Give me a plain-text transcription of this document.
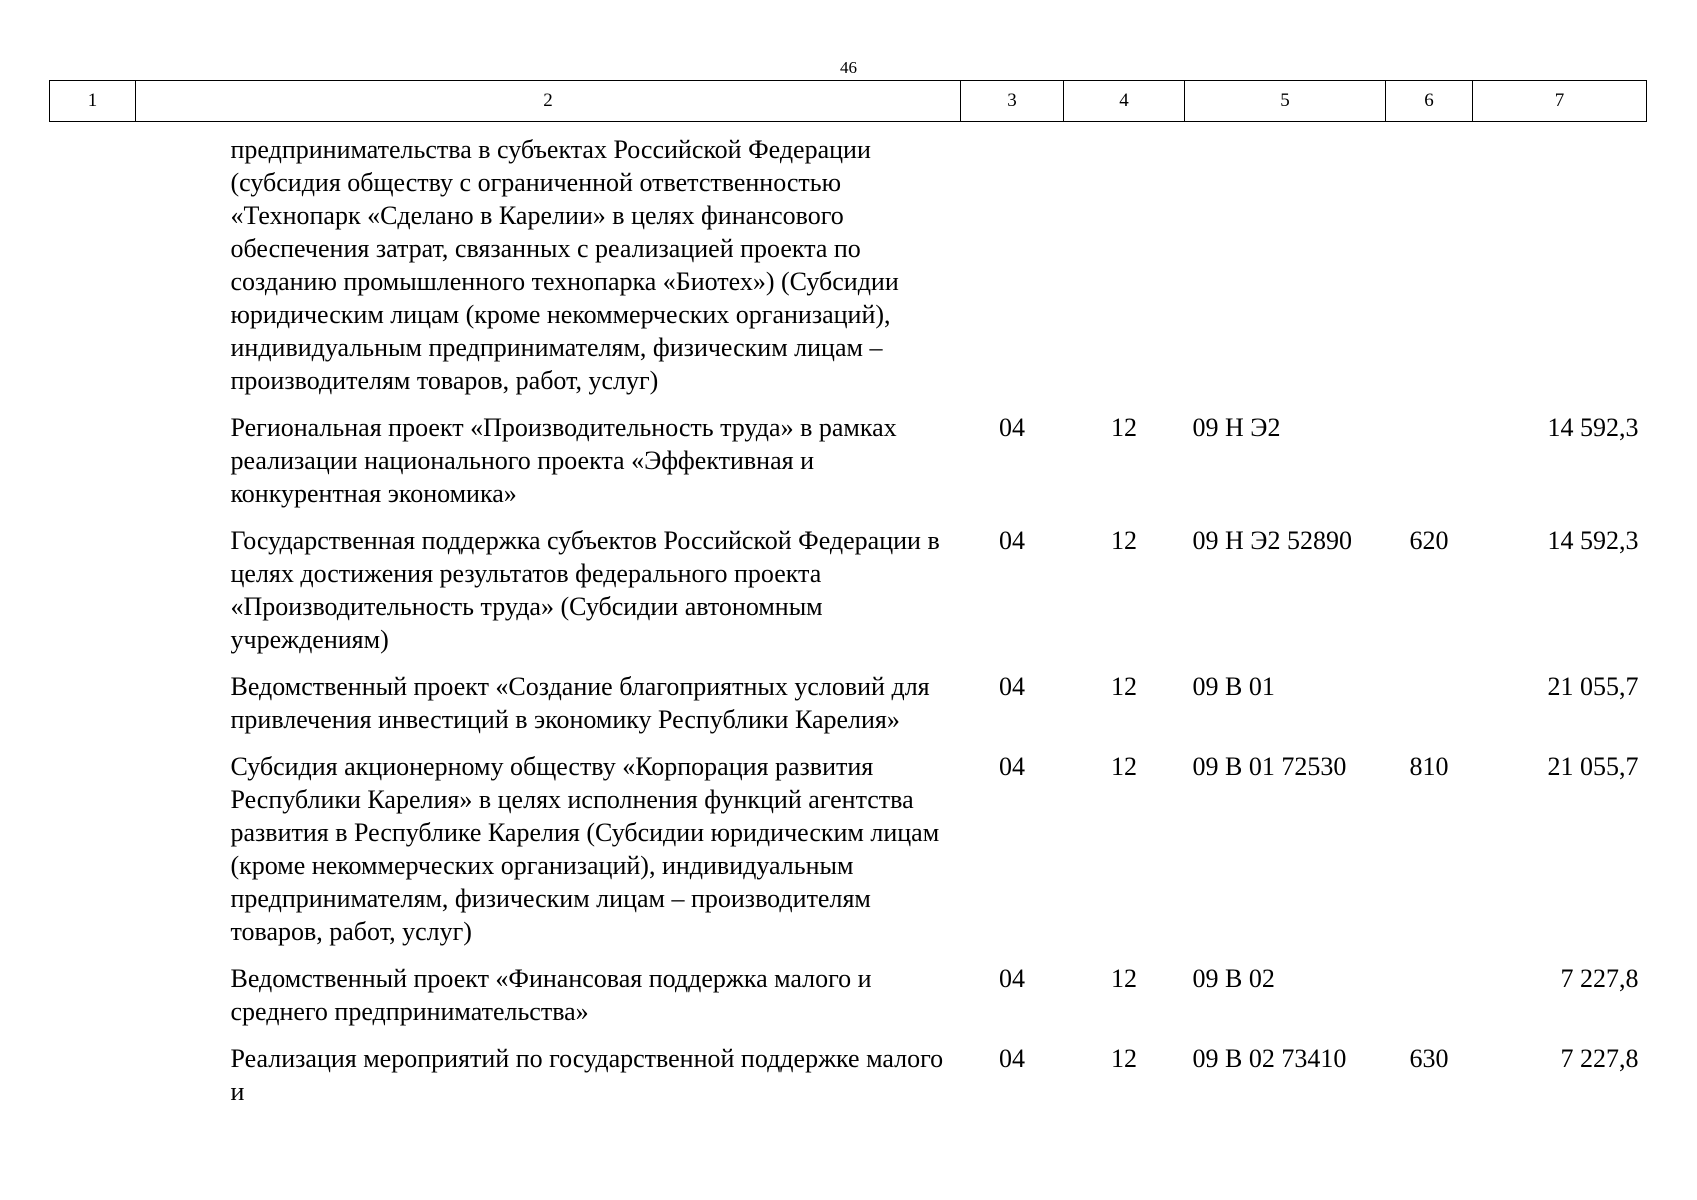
46
1	2	3	4	5	6	7
	предпринимательства в субъектах Российской Федерации (субсидия обществу с ограниченной ответственностью «Технопарк «Сделано в Карелии» в целях финансового обеспечения затрат, связанных с реализацией проекта по созданию промышленного технопарка «Биотех») (Субсидии юридическим лицам (кроме некоммерческих организаций), индивидуальным предпринимателям, физическим лицам – производителям товаров, работ, услуг)					
	Региональная проект «Производительность труда» в рамках реализации национального проекта «Эффективная и конкурентная экономика»	04	12	09 Н Э2		14 592,3
	Государственная поддержка субъектов Российской Федерации в целях достижения результатов федерального проекта «Производительность труда» (Субсидии автономным учреждениям)	04	12	09 Н Э2 52890	620	14 592,3
	Ведомственный проект «Создание благоприятных условий для привлечения инвестиций в экономику Республики Карелия»	04	12	09 В 01		21 055,7
	Субсидия акционерному обществу «Корпорация развития Республики Карелия» в целях исполнения функций агентства развития в Республике Карелия (Субсидии юридическим лицам (кроме некоммерческих организаций), индивидуальным предпринимателям, физическим лицам – производителям товаров, работ, услуг)	04	12	09 В 01 72530	810	21 055,7
	Ведомственный проект «Финансовая поддержка малого и среднего предпринимательства»	04	12	09 В 02		7 227,8
	Реализация мероприятий по государственной поддержке малого и	04	12	09 В 02 73410	630	7 227,8
